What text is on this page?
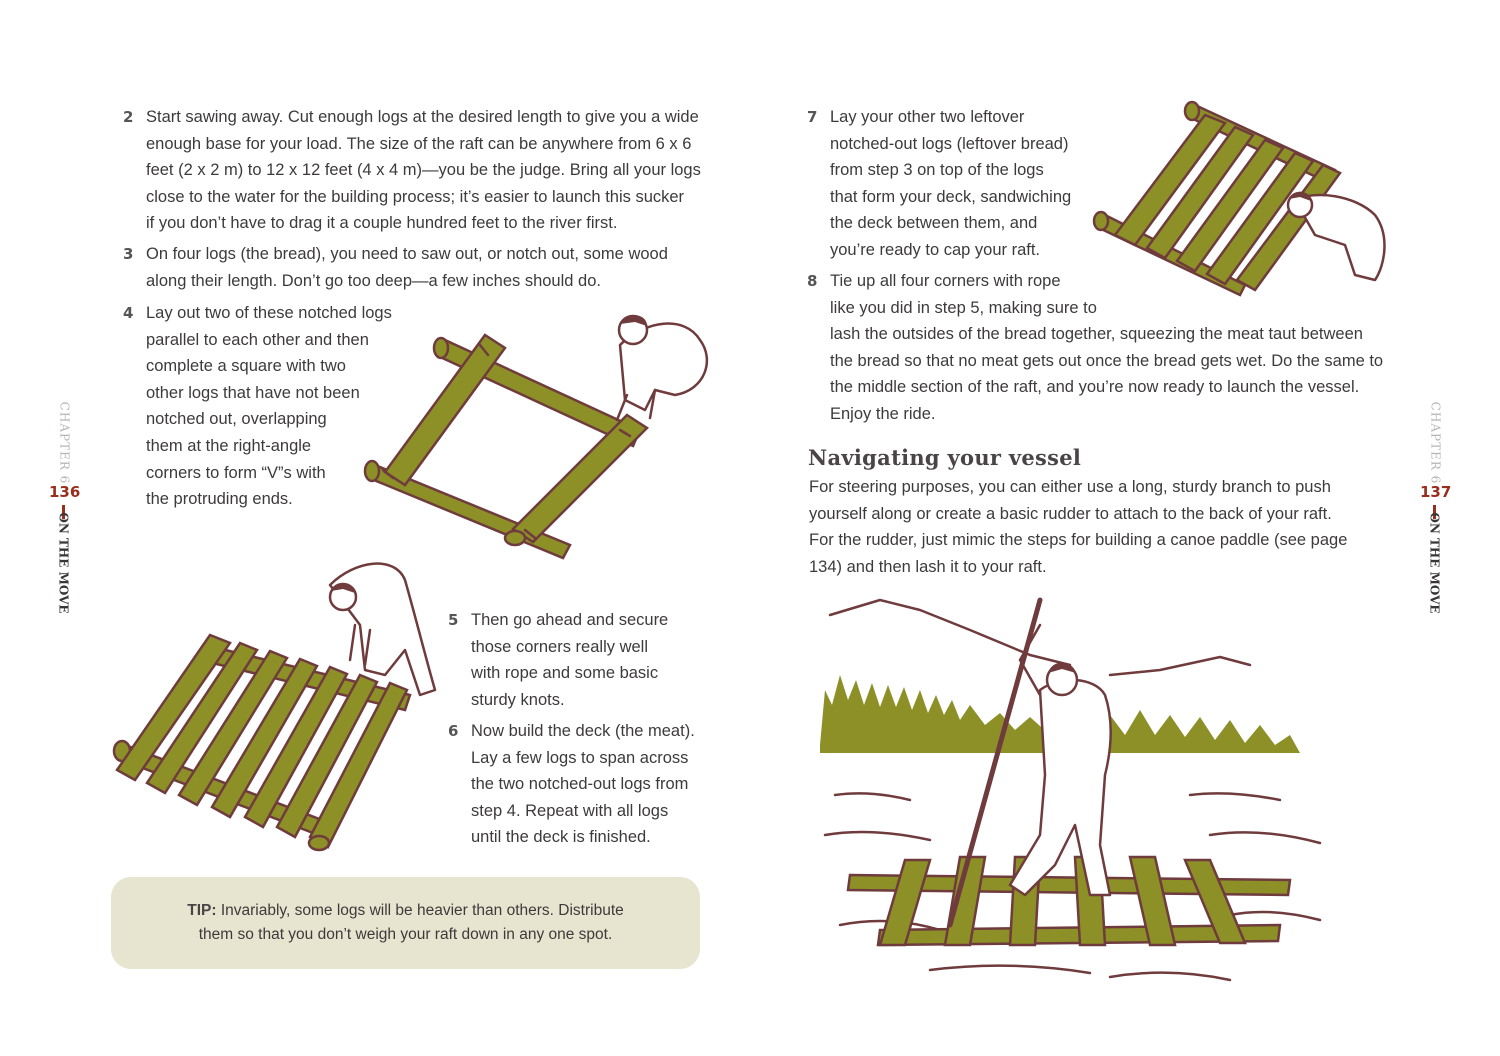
CHAPTER 6
136
ON THE MOVE
CHAPTER 6
137
ON THE MOVE
2 Start sawing away. Cut enough logs at the desired length to give you a wide
enough base for your load. The size of the raft can be anywhere from 6 x 6
feet (2 x 2 m) to 12 x 12 feet (4 x 4 m)—you be the judge. Bring all your logs
close to the water for the building process; it’s easier to launch this sucker
if you don’t have to drag it a couple hundred feet to the river first.
3 On four logs (the bread), you need to saw out, or notch out, some wood
along their length. Don’t go too deep—a few inches should do.
4 Lay out two of these notched logs
parallel to each other and then
complete a square with two
other logs that have not been
notched out, overlapping
them at the right-angle
corners to form “V”s with
the protruding ends.
5 Then go ahead and secure
those corners really well
with rope and some basic
sturdy knots.
6 Now build the deck (the meat).
Lay a few logs to span across
the two notched-out logs from
step 4. Repeat with all logs
until the deck is finished.
TIP: Invariably, some logs will be heavier than others. Distribute
them so that you don’t weigh your raft down in any one spot.
7 Lay your other two leftover
notched-out logs (leftover bread)
from step 3 on top of the logs
that form your deck, sandwiching
the deck between them, and
you’re ready to cap your raft.
8 Tie up all four corners with rope
like you did in step 5, making sure to
lash the outsides of the bread together, squeezing the meat taut between
the bread so that no meat gets out once the bread gets wet. Do the same to
the middle section of the raft, and you’re now ready to launch the vessel.
Enjoy the ride.
Navigating your vessel
For steering purposes, you can either use a long, sturdy branch to push
yourself along or create a basic rudder to attach to the back of your raft.
For the rudder, just mimic the steps for building a canoe paddle (see page
134) and then lash it to your raft.
